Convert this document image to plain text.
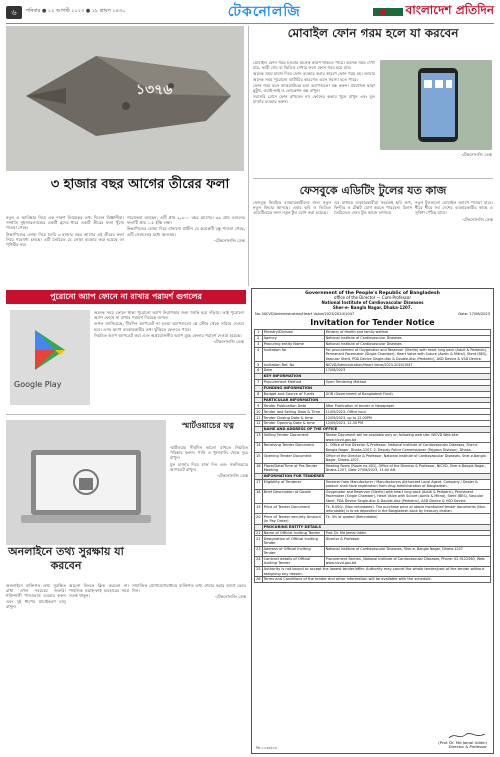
৬	শনিবার ● ১২ আগস্ট ২০২৩ ● ২৮ শ্রাবণ ১৪৩০	টেকনোলজি	বাংলাদেশ প্রতিদিন
১৩৭৬
৩ হাজার বছর আগের তীরের ফলা

নতুন এ আবিষ্কার নিয়ে এক দারুণ বিস্ময়কর তথ্য দিলেন বিজ্ঞানীরা। সম্প্রতি সুইজারল্যান্ডের একটি হ্রদের ধারে একটি তীরের ফলা খুঁজে পাওয়া গেছে।

উল্কাপিণ্ডের লোহা দিয়ে তৈরি ৩ হাজার বছর আগের এই তীরের ফলা নিয়ে গবেষণা চলছে। এটি তৈরিতে যে লোহা ব্যবহার করা হয়েছে তা পৃথিবীর নয়।

গবেষকরা বলছেন, এটি প্রায় ২,৯০০ বছর আগের। ৩৯ গ্রাম ওজনের ফলাটি প্রায় ১.৫ ইঞ্চি লম্বা।

উল্কাপিণ্ডের লোহা দিয়ে বানানো প্রাচীন যে কয়েকটি বস্তু পাওয়া গেছে, এটি সেগুলোর মধ্যে অন্যতম।

-টেকনোলজি ডেস্ক

মোবাইল ফোন গরম হলে যা করবেন

মোবাইল ফোন গরম হওয়ার অনেক কারণ থাকতে পারে। অনেক সময় দেখা যায়, ভারী গেম বা ভিডিও দেখার ফলে ফোন গরম হয়ে যায়।

অনেক সময় চার্জে দিয়ে ফোন ব্যবহার করার কারণে ফোন গরম হয়। আবার অনেক সময় পুরোনো ব্যাটারির কারণেও এমন সমস্যা হতে পারে।

ফোন গরম হলে ব্যাকগ্রাউন্ডে চলা অ্যাপগুলো বন্ধ করুন। প্রয়োজন ছাড়া ব্লুটুথ, ওয়াই-ফাই ও লোকেশন বন্ধ রাখুন।

সরাসরি রোদে ফোন রাখবেন না। ফোনের কভার খুলে রাখুন এবং মূল চার্জার ব্যবহার করুন।

-টেকনোলজি ডেস্ক

ফেসবুকে এডিটিং টুলের যত কাজ

ফেসবুক নিয়মিত ব্যবহারকারীদের জন্য নতুন নতুন ফিচার আনছে। এবার ছবি ও ভিডিও এডিটিংয়ের জন্য নতুন টুল যোগ করা হয়েছে।

এর মাধ্যমে ব্যবহারকারীরা সহজেই ছবি ক্রপ, ফিল্টার ও টেক্সট যোগ করতে পারবেন। রিলস তৈরিতেও এসব টুল কাজে লাগবে।

নতুন টুলগুলো মোবাইল অ্যাপে পাওয়া যাবে। ধীরে ধীরে সব দেশের ব্যবহারকারীর কাছে এ সুবিধা পৌঁছে যাবে।

-টেকনোলজি ডেস্ক

পুরোনো অ্যাপ ফোনে না রাখার পরামর্শ গুগলের
Google Play

অনেক সময় ফোনে থাকা পুরোনো অ্যাপ নিরাপত্তার জন্য হুমকি হয়ে দাঁড়ায়। তাই পুরোনো অ্যাপ ফোনে না রাখার পরামর্শ দিয়েছে গুগল।

গুগল জানিয়েছে, দীর্ঘদিন আপডেট না হওয়া অ্যাপগুলো প্লে স্টোর থেকে সরিয়ে দেওয়া হবে। এসব অ্যাপ ব্যবহারকারীর তথ্য ঝুঁকিতে ফেলতে পারে।

নিয়মিত অ্যাপ আপডেট করা এবং অপ্রয়োজনীয় অ্যাপ মুছে ফেলার পরামর্শ দেওয়া হয়েছে।

-টেকনোলজি ডেস্ক

স্মার্টওয়াচের যত্ন

স্মার্টওয়াচ দীর্ঘদিন ভালো রাখতে নিয়মিত পরিষ্কার করুন। পানি ও ধুলাবালি থেকে দূরে রাখুন।

মূল চার্জার দিয়ে চার্জ দিন এবং সফটওয়্যার আপডেট রাখুন।

-টেকনোলজি ডেস্ক

অনলাইনে তথ্য সুরক্ষায় যা করবেন

অনলাইনে ব্যক্তিগত তথ্য সুরক্ষিত রাখা এখন সবচেয়ে জরুরি। শক্তিশালী পাসওয়ার্ড ব্যবহার করুন এবং দুই ধাপের যাচাইকরণ চালু রাখুন।

অচেনা লিংকে ক্লিক করবেন না। পাবলিক ওয়াই-ফাই ব্যবহারের সময় সতর্ক থাকুন।

সামাজিক যোগাযোগমাধ্যমে ব্যক্তিগত তথ্য শেয়ার করার আগে ভেবে নিন।

-টেকনোলজি ডেস্ক

Government of the People's Republic of Bangladesh
office of the Director — Cum-Professor
National Institute of Cardiovascular Diseases
Sher-e- Bangla Nagar, Dhaka-1207.
No. NICVD/Administration/Heart Valve/2023/2024/1047	Date: 17/08/2023
Invitation for Tender Notice
1	Ministry/Division	Ministry of Health and family welfare
2	Agency	National Institute of Cardiovascular Diseases
3	Procuring entity Name	National Institute of Cardiovascular Diseases
4	Invitation for	For procurement of Oxygenator and Reservoir (Sterile) with heart lung pack (Adult & Pediatric), Permanent Pacemaker (Single Chamber), Heart Valve with Suture (Aortic & Mitral), Stent (BES), Vascular Stent, PDA Device Single-disc & Double-disc (Pediatric), ASD Device & VSD Device.
5	Invitation Ref. No	NICVD/Administration/Heart Valve/2023-2024/1047
6	Date	17/08/2023
	KEY INFORMATION	
7	Procurement Method	Open Tendering Method
	FUNDING INFORMATION	
8	Budget and Source of Funds	GOB (Government of Bangladesh Fund)
	PARTICULAR INFORMATION	
9	Tender Publication Date	After Publication of tender in Newspaper
10	Tender last Selling Date & Time	11/09/2023, Office hour
11	Tender Closing Date & time	12/09/2023, up to 12.00PM
12	Tender Opening Date & time	12/09/2023, 12.30 PM
	NAME AND ADDRESS OF THE OFFICE	
13	Selling Tender Document	Tender Document will be available only on following web site: NICVD Web site: www.nicvd.gov.bd
14	Receiving Tender Document	1. Office of the Director & Professor, National Institute of Cardiovascular Diseases, Sher-e-Bangla Nagar, Dhaka-1207. 2. Deputy Police Commissioner (Tejgaon Division), Dhaka.
15	Opening Tender Document	Office of the Director & Professor, National Institute of Cardiovascular Diseases, Sher-e-Bangla Nagar, Dhaka-1207.
16	Place/Date/Time of Pre-Tender Meeting	Meeting Room (Room no-402), Office of the Director & Professor, NICVD, Sher-e-Bangla Nagar, Dhaka-1207, Date 27/08/2023, 11:00 AM
	INFORMATION FOR TENDERER	
17	Eligibility of Tenderer	Tenderer from Manufacturer / Manufacturers Authorized Local Agent. Company / Dealer & product shall have registration from drug administration of Bangladesh.
18	Brief Description of Goods	Oxygenator and Reservoir (Sterile) with heart lung pack (Adult & Pediatric), Permanent Pacemaker (Single Chamber), Heart Valve with Suture (Aortic & Mitral), Stent (BES), Vascular Stent, PDA Device Single-disc & Double-disc (Pediatric), ASD Device & VSD Device.
19	Price of Tender Document	Tk. 6,000/- (Non refundable). The purchase price of above mentioned tender documents (Non-refundable) is to be deposited in the Bangladesh bank by treasury challan.
20	Price of Tender security Amount (In Pay Order)	Tk. 3% of quoted (Refundable)
	PROCURING ENTITY DETAILS	
21	Name of Official Inviting Tender	Prof. Dr. Md Jamal Uddin
22	Designation of Official Inviting Tender	Director & Professor
23	Address of Official Inviting Tender	National Institute of Cardiovascular Diseases, Sher-e- Bangla Nagar, Dhaka-1207
24	Contract details of Official Inviting Tender	Procurement Section, National Institute of Cardiovascular Diseases, Phone: 02-9122560, Web: www.nicvd.gov.bd
25	Authority is not bound to accept the lowest tender/offer. Authority may cancel the whole tender/part of the tender without assigning any reason.	
26	Terms and Conditions of the tender and other information will be available with the schedule.	
(Prof. Dr. Md Jamal Uddin)
Director & Professor
জি-১২৩৪/২৩
